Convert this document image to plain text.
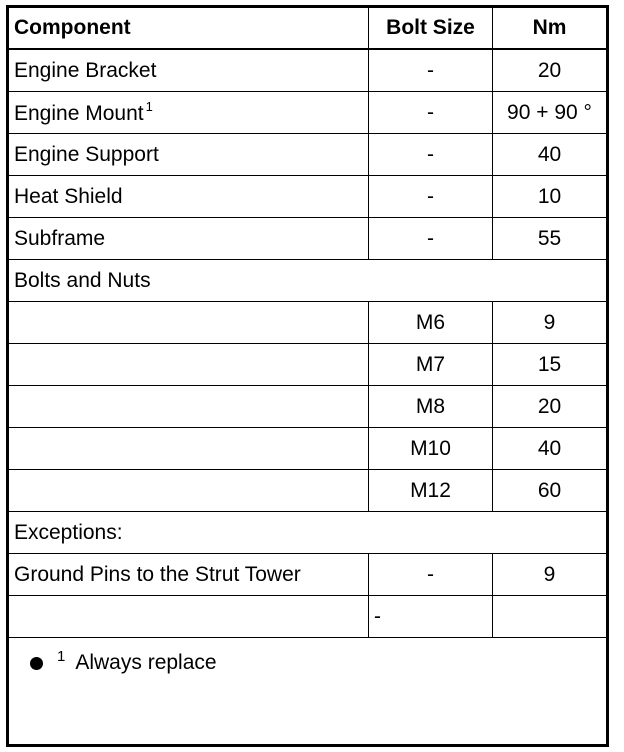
Component	Bolt Size	Nm
Engine Bracket	-	20
Engine Mount $^1$	-	90 + 90 °
Engine Support	-	40
Heat Shield	-	10
Subframe	-	55
Bolts and Nuts		
	M6	9
	M7	15
	M8	20
	M10	40
	M12	60
Exceptions:		
Ground Pins to the Strut Tower	-	9
	-	
$^1$ Always replace		
